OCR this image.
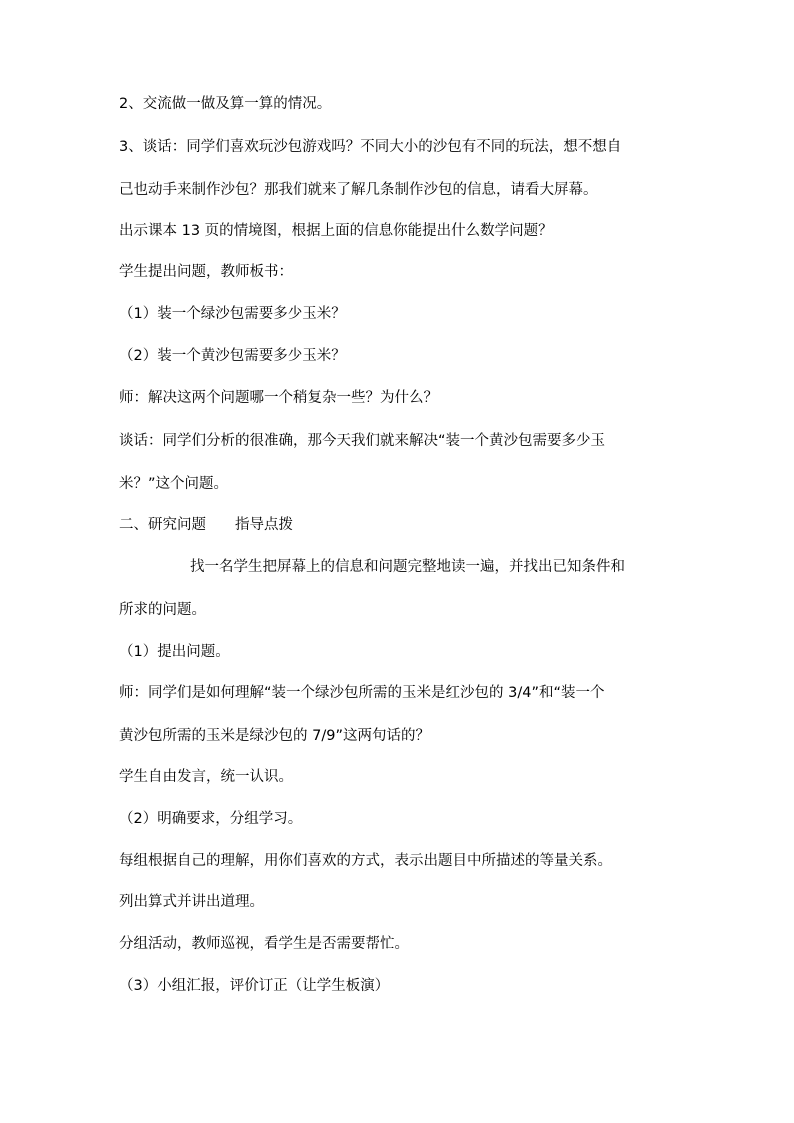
2、交流做一做及算一算的情况。
3、谈话：同学们喜欢玩沙包游戏吗？不同大小的沙包有不同的玩法，想不想自
己也动手来制作沙包？那我们就来了解几条制作沙包的信息，请看大屏幕。
出示课本 13 页的情境图，根据上面的信息你能提出什么数学问题？
学生提出问题，教师板书：
（1）装一个绿沙包需要多少玉米？
（2）装一个黄沙包需要多少玉米？
师：解决这两个问题哪一个稍复杂一些？为什么？
谈话：同学们分析的很准确，那今天我们就来解决“装一个黄沙包需要多少玉
米？”这个问题。
二、研究问题　　指导点拨
找一名学生把屏幕上的信息和问题完整地读一遍，并找出已知条件和
所求的问题。
（1）提出问题。
师：同学们是如何理解“装一个绿沙包所需的玉米是红沙包的 3/4”和“装一个
黄沙包所需的玉米是绿沙包的 7/9”这两句话的？
学生自由发言，统一认识。
（2）明确要求，分组学习。
每组根据自己的理解，用你们喜欢的方式，表示出题目中所描述的等量关系。
列出算式并讲出道理。
分组活动，教师巡视，看学生是否需要帮忙。
（3）小组汇报，评价订正（让学生板演）
